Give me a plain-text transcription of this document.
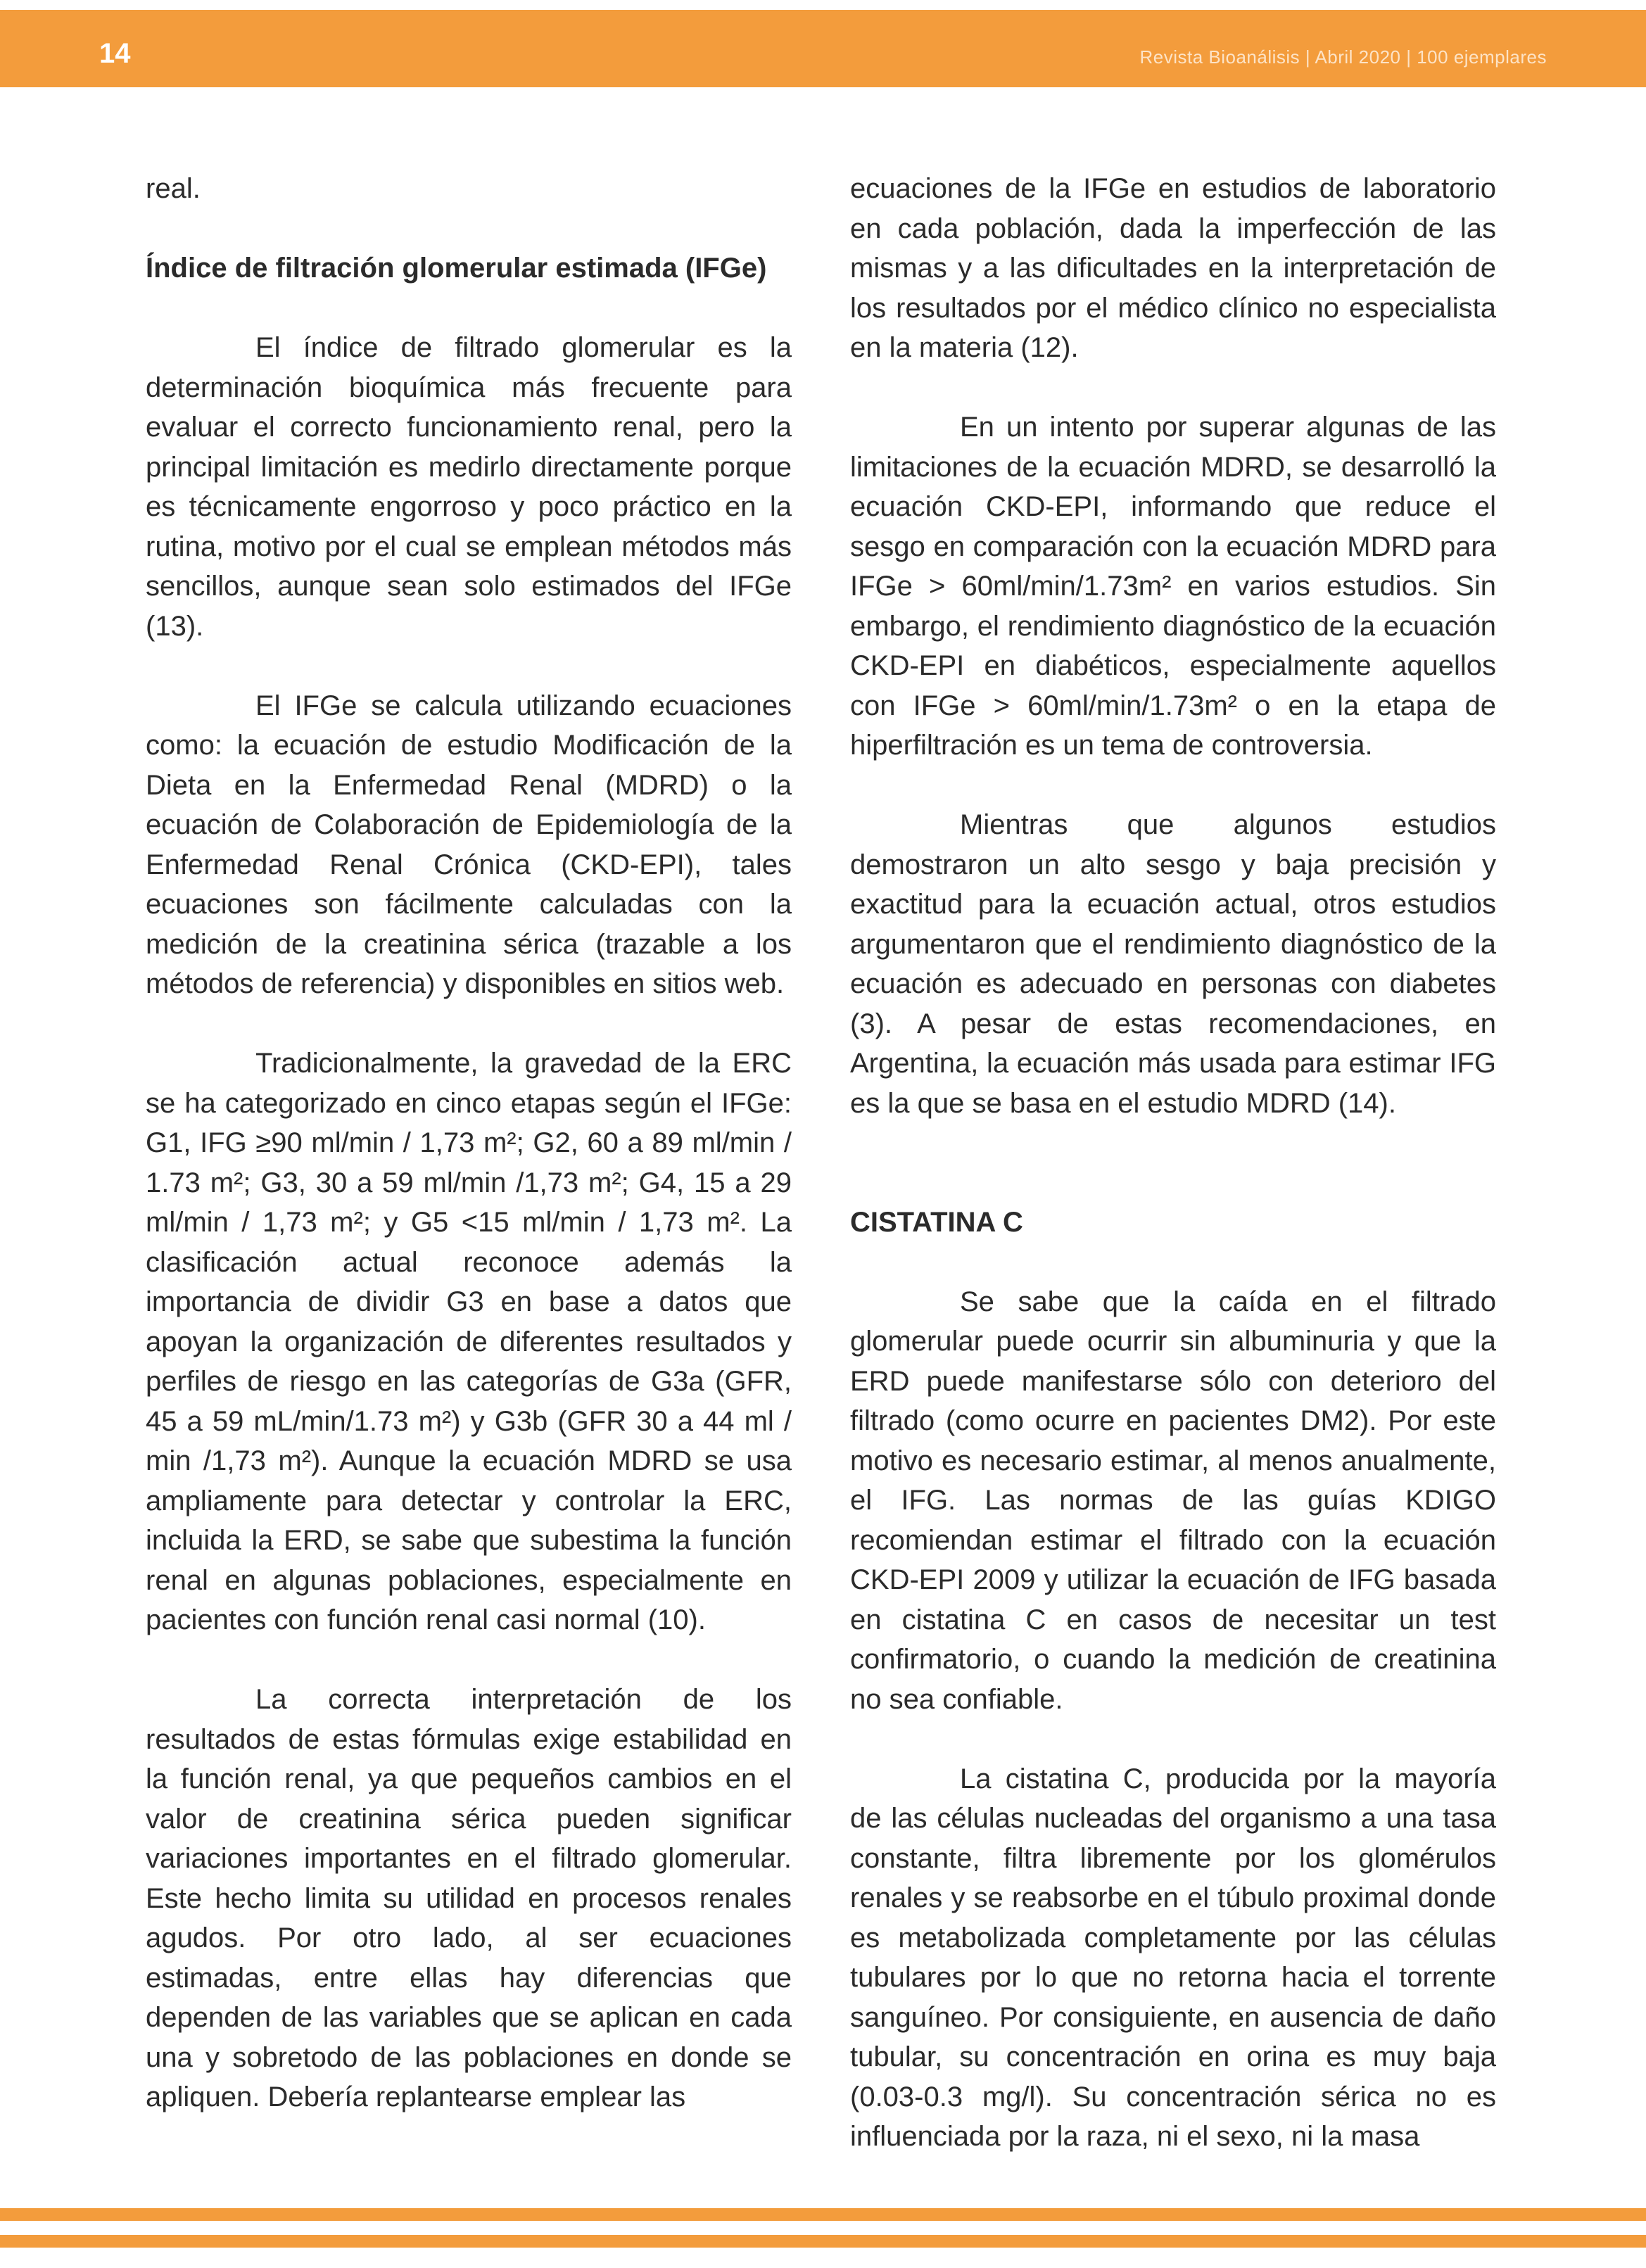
14	Revista Bioanálisis | Abril 2020 | 100 ejemplares

real.

Índice de filtración glomerular estimada (IFGe)

El índice de filtrado glomerular es la determinación bioquímica más frecuente para evaluar el correcto funcionamiento renal, pero la principal limitación es medirlo directamente porque es técnicamente engorroso y poco práctico en la rutina, motivo por el cual se emplean métodos más sencillos, aunque sean solo estimados del IFGe (13).

El IFGe se calcula utilizando ecuaciones como: la ecuación de estudio Modificación de la Dieta en la Enfermedad Renal (MDRD) o la ecuación de Colaboración de Epidemiología de la Enfermedad Renal Crónica (CKD-EPI), tales ecuaciones son fácilmente calculadas con la medición de la creatinina sérica (trazable a los métodos de referencia) y disponibles en sitios web.

Tradicionalmente, la gravedad de la ERC se ha categorizado en cinco etapas según el IFGe: G1, IFG ≥90 ml/min / 1,73 m²; G2, 60 a 89 ml/min / 1.73 m²; G3, 30 a 59 ml/min /1,73 m²; G4, 15 a 29 ml/min / 1,73 m²; y G5 <15 ml/min / 1,73 m². La clasificación actual reconoce además la importancia de dividir G3 en base a datos que apoyan la organización de diferentes resultados y perfiles de riesgo en las categorías de G3a (GFR, 45 a 59 mL/min/1.73 m²) y G3b (GFR 30 a 44 ml / min /1,73 m²). Aunque la ecuación MDRD se usa ampliamente para detectar y controlar la ERC, incluida la ERD, se sabe que subestima la función renal en algunas poblaciones, especialmente en pacientes con función renal casi normal (10).

La correcta interpretación de los resultados de estas fórmulas exige estabilidad en la función renal, ya que pequeños cambios en el valor de creatinina sérica pueden significar variaciones importantes en el filtrado glomerular. Este hecho limita su utilidad en procesos renales agudos. Por otro lado, al ser ecuaciones estimadas, entre ellas hay diferencias que dependen de las variables que se aplican en cada una y sobretodo de las poblaciones en donde se apliquen. Debería replantearse emplear las

ecuaciones de la IFGe en estudios de laboratorio en cada población, dada la imperfección de las mismas y a las dificultades en la interpretación de los resultados por el médico clínico no especialista en la materia (12).

En un intento por superar algunas de las limitaciones de la ecuación MDRD, se desarrolló la ecuación CKD-EPI, informando que reduce el sesgo en comparación con la ecuación MDRD para IFGe > 60ml/min/1.73m² en varios estudios. Sin embargo, el rendimiento diagnóstico de la ecuación CKD-EPI en diabéticos, especialmente aquellos con IFGe > 60ml/min/1.73m² o en la etapa de hiperfiltración es un tema de controversia.

Mientras que algunos estudios demostraron un alto sesgo y baja precisión y exactitud para la ecuación actual, otros estudios argumentaron que el rendimiento diagnóstico de la ecuación es adecuado en personas con diabetes (3). A pesar de estas recomendaciones, en Argentina, la ecuación más usada para estimar IFG es la que se basa en el estudio MDRD (14).

CISTATINA C

Se sabe que la caída en el filtrado glomerular puede ocurrir sin albuminuria y que la ERD puede manifestarse sólo con deterioro del filtrado (como ocurre en pacientes DM2). Por este motivo es necesario estimar, al menos anualmente, el IFG. Las normas de las guías KDIGO recomiendan estimar el filtrado con la ecuación CKD-EPI 2009 y utilizar la ecuación de IFG basada en cistatina C en casos de necesitar un test confirmatorio, o cuando la medición de creatinina no sea confiable.

La cistatina C, producida por la mayoría de las células nucleadas del organismo a una tasa constante, filtra libremente por los glomérulos renales y se reabsorbe en el túbulo proximal donde es metabolizada completamente por las células tubulares por lo que no retorna hacia el torrente sanguíneo. Por consiguiente, en ausencia de daño tubular, su concentración en orina es muy baja (0.03-0.3 mg/l). Su concentración sérica no es influenciada por la raza, ni el sexo, ni la masa
